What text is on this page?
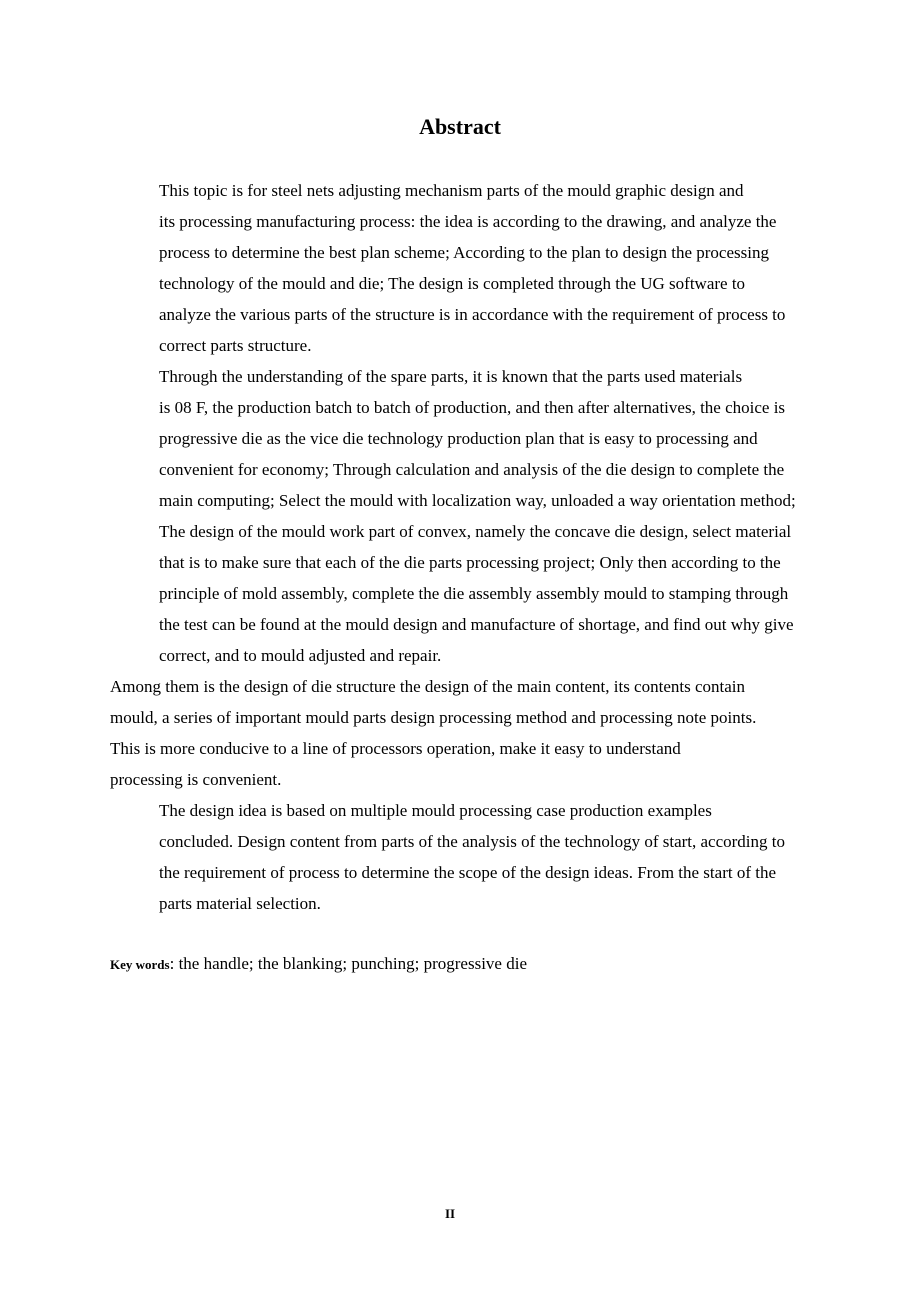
Abstract

This topic is for steel nets adjusting mechanism parts of the mould graphic design and
its processing manufacturing process: the idea is according to the drawing, and analyze the
process to determine the best plan scheme; According to the plan to design the processing
technology of the mould and die; The design is completed through the UG software to
analyze the various parts of the structure is in accordance with the requirement of process to
correct parts structure.

Through the understanding of the spare parts, it is known that the parts used materials
is 08 F, the production batch to batch of production, and then after alternatives, the choice is
progressive die as the vice die technology production plan that is easy to processing and
convenient for economy; Through calculation and analysis of the die design to complete the
main computing; Select the mould with localization way, unloaded a way orientation method;
The design of the mould work part of convex, namely the concave die design, select material
that is to make sure that each of the die parts processing project; Only then according to the
principle of mold assembly, complete the die assembly assembly mould to stamping through
the test can be found at the mould design and manufacture of shortage, and find out why give
correct, and to mould adjusted and repair.

Among them is the design of die structure the design of the main content, its contents contain
mould, a series of important mould parts design processing method and processing note points.
This is more conducive to a line of processors operation, make it easy to understand
processing is convenient.

The design idea is based on multiple mould processing case production examples
concluded. Design content from parts of the analysis of the technology of start, according to
the requirement of process to determine the scope of the design ideas. From the start of the
parts material selection.

Key words: the handle; the blanking; punching; progressive die

II
